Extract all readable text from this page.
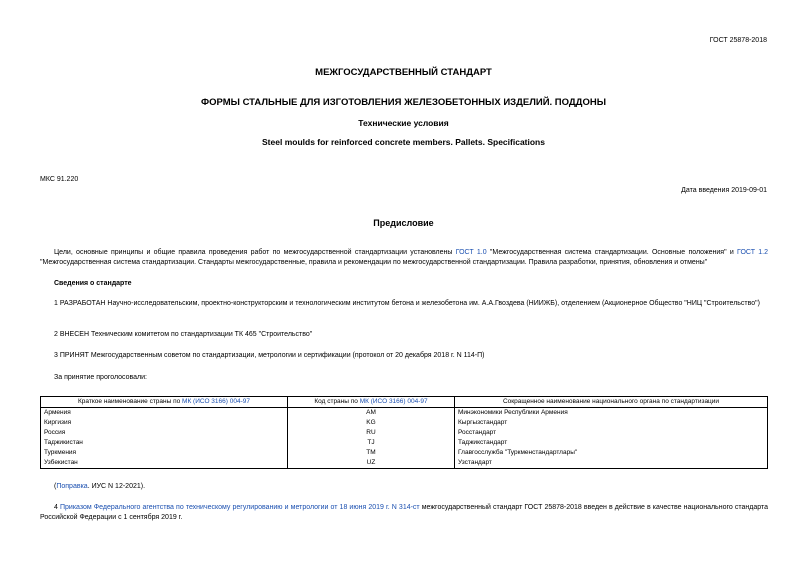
ГОСТ 25878-2018
МЕЖГОСУДАРСТВЕННЫЙ СТАНДАРТ
ФОРМЫ СТАЛЬНЫЕ ДЛЯ ИЗГОТОВЛЕНИЯ ЖЕЛЕЗОБЕТОННЫХ ИЗДЕЛИЙ. ПОДДОНЫ
Технические условия
Steel moulds for reinforced concrete members. Pallets. Specifications
МКС 91.220
Дата введения 2019-09-01
Предисловие
Цели, основные принципы и общие правила проведения работ по межгосударственной стандартизации установлены ГОСТ 1.0 "Межгосударственная система стандартизации. Основные положения" и ГОСТ 1.2 "Межгосударственная система стандартизации. Стандарты межгосударственные, правила и рекомендации по межгосударственной стандартизации. Правила разработки, принятия, обновления и отмены"
Сведения о стандарте
1 РАЗРАБОТАН Научно-исследовательским, проектно-конструкторским и технологическим институтом бетона и железобетона им. А.А.Гвоздева (НИИЖБ), отделением (Акционерное Общество "НИЦ "Строительство")
2 ВНЕСЕН Техническим комитетом по стандартизации ТК 465 "Строительство"
3 ПРИНЯТ Межгосударственным советом по стандартизации, метрологии и сертификации (протокол от 20 декабря 2018 г. N 114-П)
За принятие проголосовали:
Краткое наименование страны по МК (ИСО 3166) 004-97	Код страны по МК (ИСО 3166) 004-97	Сокращенное наименование национального органа по стандартизации
Армения	AM	Минэкономики Республики Армения
Киргизия	KG	Кыргызстандарт
Россия	RU	Росстандарт
Таджикистан	TJ	Таджикстандарт
Туркмения	TM	Главгосслужба "Туркменстандартлары"
Узбекистан	UZ	Узстандарт
(Поправка. ИУС N 12-2021).
4 Приказом Федерального агентства по техническому регулированию и метрологии от 18 июня 2019 г. N 314-ст межгосударственный стандарт ГОСТ 25878-2018 введен в действие в качестве национального стандарта Российской Федерации с 1 сентября 2019 г.
